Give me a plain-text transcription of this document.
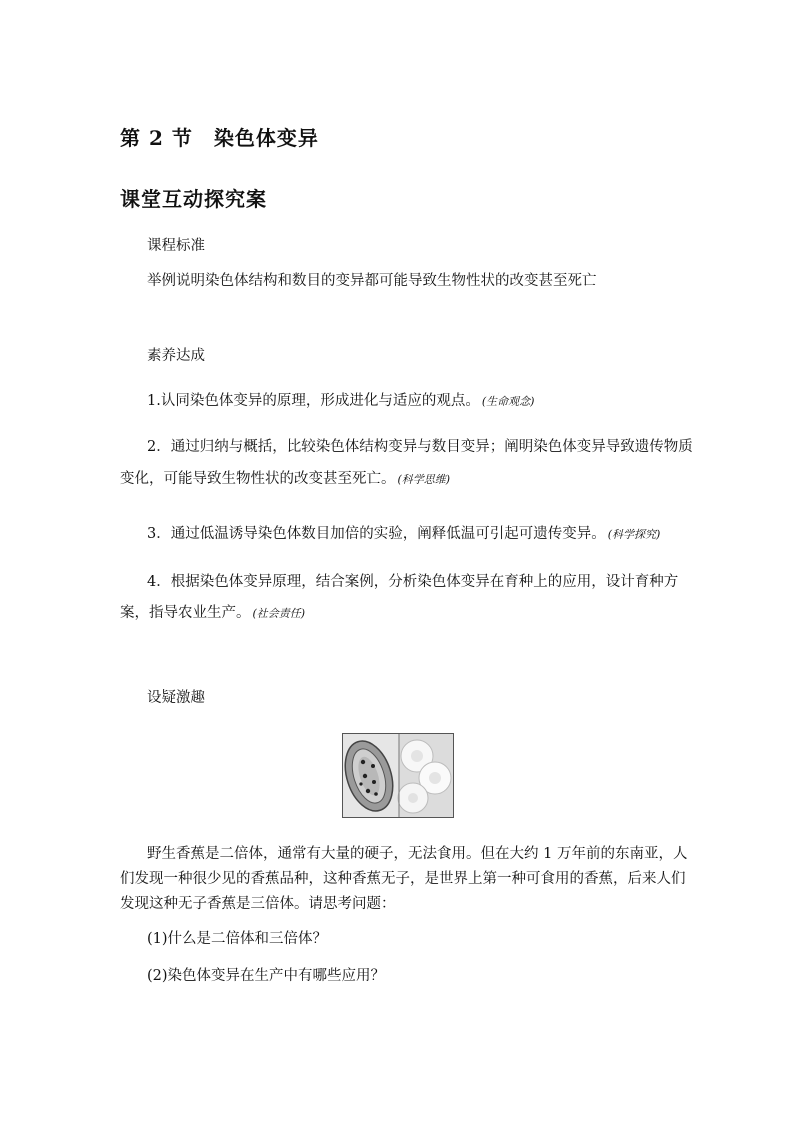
第 2 节　染色体变异
课堂互动探究案
课程标准
举例说明染色体结构和数目的变异都可能导致生物性状的改变甚至死亡
素养达成
1.认同染色体变异的原理，形成进化与适应的观点。 (生命观念)
2．通过归纳与概括，比较染色体结构变异与数目变异；阐明染色体变异导致遗传物质
变化，可能导致生物性状的改变甚至死亡。 (科学思维)
3．通过低温诱导染色体数目加倍的实验，阐释低温可引起可遗传变异。 (科学探究)
4．根据染色体变异原理，结合案例，分析染色体变异在育种上的应用，设计育种方
案，指导农业生产。 (社会责任)
设疑激趣
野生香蕉是二倍体，通常有大量的硬子，无法食用。但在大约 1 万年前的东南亚，人
们发现一种很少见的香蕉品种，这种香蕉无子，是世界上第一种可食用的香蕉，后来人们
发现这种无子香蕉是三倍体。请思考问题：
(1)什么是二倍体和三倍体？
(2)染色体变异在生产中有哪些应用？
